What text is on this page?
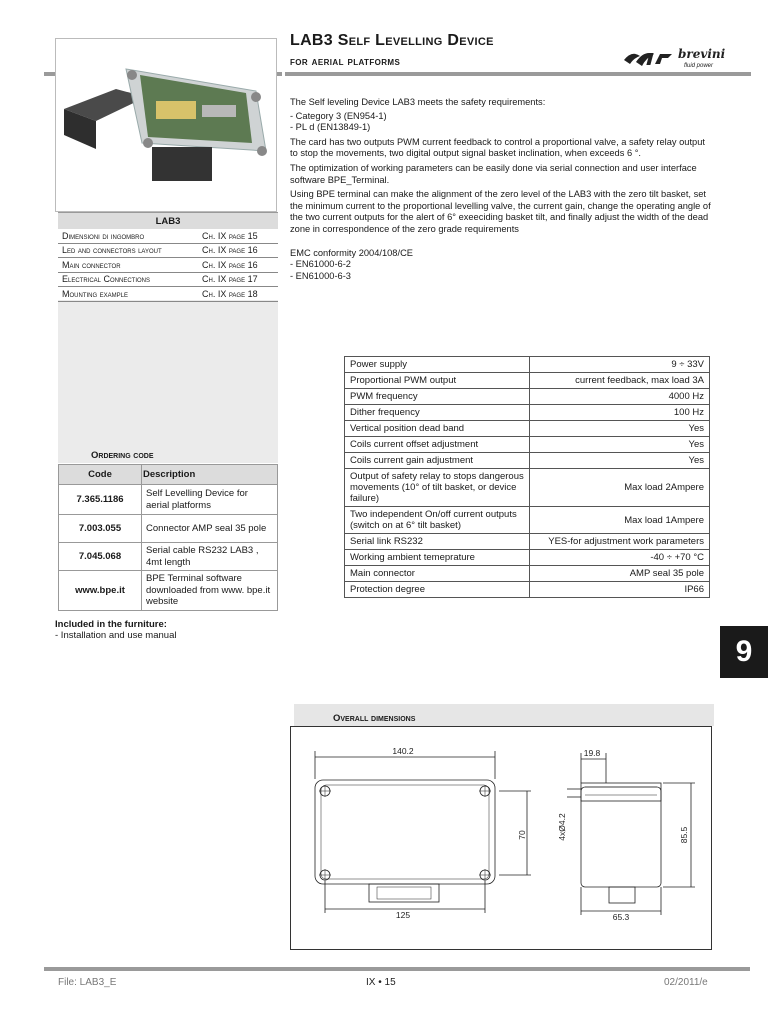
LAB3 Self Levelling Device
for aerial platforms
brevini
fluid power

The Self leveling Device LAB3 meets the safety requirements:

- Category 3 (EN954-1)

- PL d (EN13849-1)

The card has two outputs PWM current feedback to control a proportional valve, a safety relay output to stop the movements, two digital output signal basket inclination, when exceeds 6 °.

The optimization of working parameters can be easily done via serial connection and user interface software BPE_Terminal.

Using BPE terminal can make the alignment of the zero level of the LAB3 with the zero tilt basket, set the minimum current to the proportional levelling valve, the current gain, change the operating angle of the two current outputs for the alert of 6° exeeciding basket tilt, and finally adjust the width of the dead zone in correspondence of the zero grade requirements

EMC conformity 2004/108/CE

- EN61000-6-2

- EN61000-6-3

LAB3	
Dimensioni di ingombro	Ch. IX page 15
Led and connectors layout	Ch. IX page 16
Main connector	Ch. IX page 16
Electrical Connections	Ch. IX page 17
Mounting example	Ch. IX page 18
Ordering code
Code	Description
7.365.1186	Self Levelling Device for aerial platforms
7.003.055	Connector AMP seal 35 pole
7.045.068	Serial cable RS232 LAB3 , 4mt length
www.bpe.it	BPE Terminal software downloaded from www. bpe.it website
Included in the furniture:
- Installation and use manual
Power supply	9 ÷ 33V
Proportional PWM output	current feedback, max load 3A
PWM frequency	4000 Hz
Dither frequency	100 Hz
Vertical position dead band	Yes
Coils current offset adjustment	Yes
Coils current gain adjustment	Yes
Output of safety relay to stops dangerous movements (10° of tilt basket, or device failure)	Max load 2Ampere
Two independent On/off current outputs (switch on at 6° tilt basket)	Max load 1Ampere
Serial link RS232	YES-for adjustment work parameters
Working ambient temeprature	-40 ÷ +70 °C
Main connector	AMP seal 35 pole
Protection degree	IP66
9
Overall dimensions
140.2
125
70
19.8
4xØ4.2
65.3
85.5
File: LAB3_E	IX • 15	02/2011/e
